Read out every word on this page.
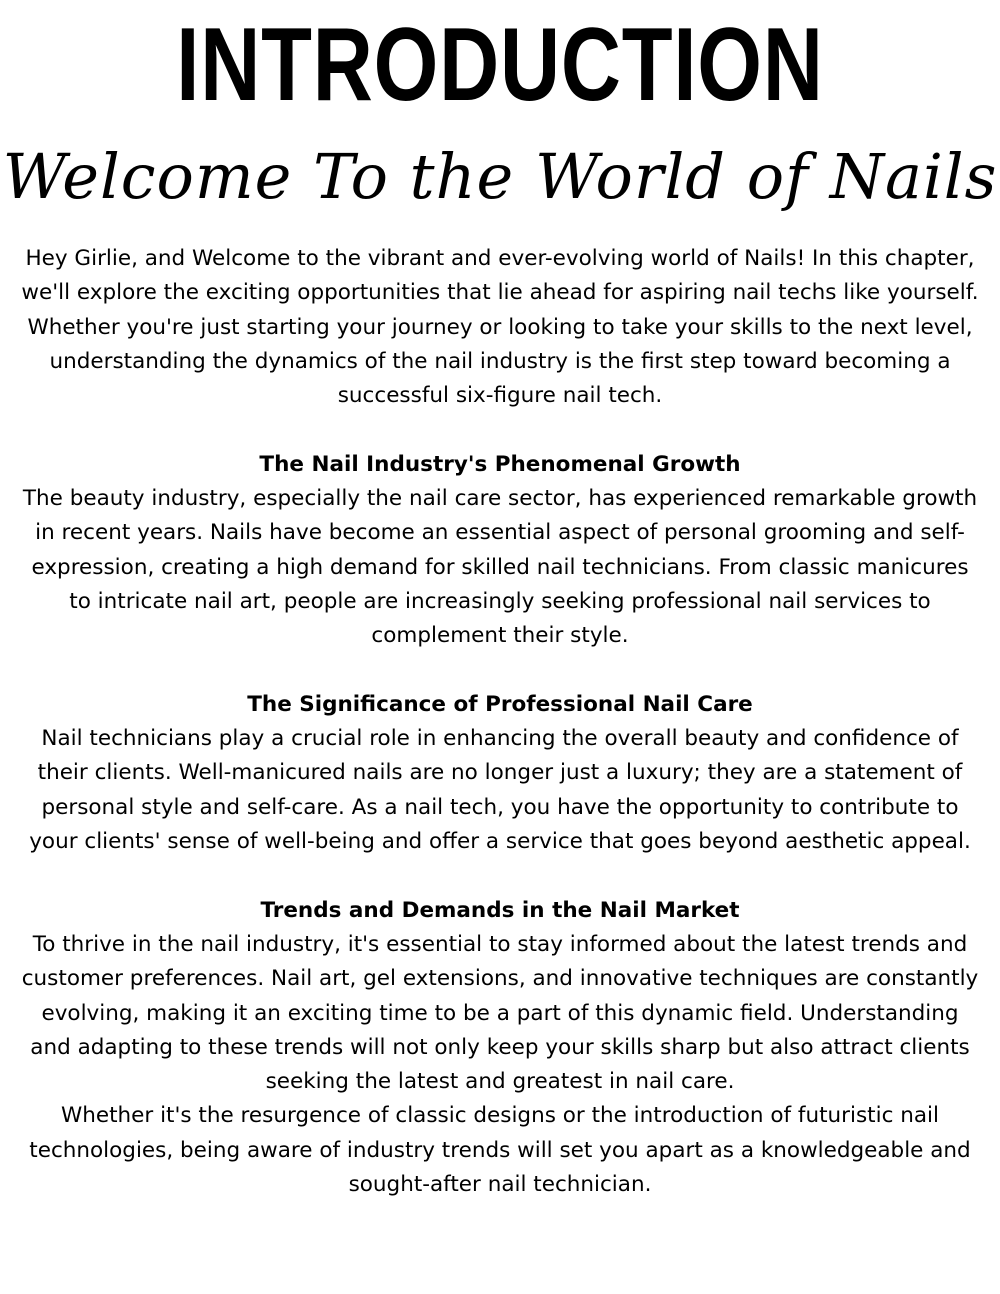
INTRODUCTION
Welcome To the World of Nails

Hey Girlie, and Welcome to the vibrant and ever-evolving world of Nails! In this chapter, we'll explore the exciting opportunities that lie ahead for aspiring nail techs like yourself. Whether you're just starting your journey or looking to take your skills to the next level, understanding the dynamics of the nail industry is the first step toward becoming a successful six-figure nail tech.

The Nail Industry's Phenomenal Growth

The beauty industry, especially the nail care sector, has experienced remarkable growth in recent years. Nails have become an essential aspect of personal grooming and self-expression, creating a high demand for skilled nail technicians. From classic manicures to intricate nail art, people are increasingly seeking professional nail services to complement their style.

The Significance of Professional Nail Care

Nail technicians play a crucial role in enhancing the overall beauty and confidence of their clients. Well-manicured nails are no longer just a luxury; they are a statement of personal style and self-care. As a nail tech, you have the opportunity to contribute to your clients' sense of well-being and offer a service that goes beyond aesthetic appeal.

Trends and Demands in the Nail Market

To thrive in the nail industry, it's essential to stay informed about the latest trends and customer preferences. Nail art, gel extensions, and innovative techniques are constantly evolving, making it an exciting time to be a part of this dynamic field. Understanding and adapting to these trends will not only keep your skills sharp but also attract clients seeking the latest and greatest in nail care.

Whether it's the resurgence of classic designs or the introduction of futuristic nail technologies, being aware of industry trends will set you apart as a knowledgeable and sought-after nail technician.
